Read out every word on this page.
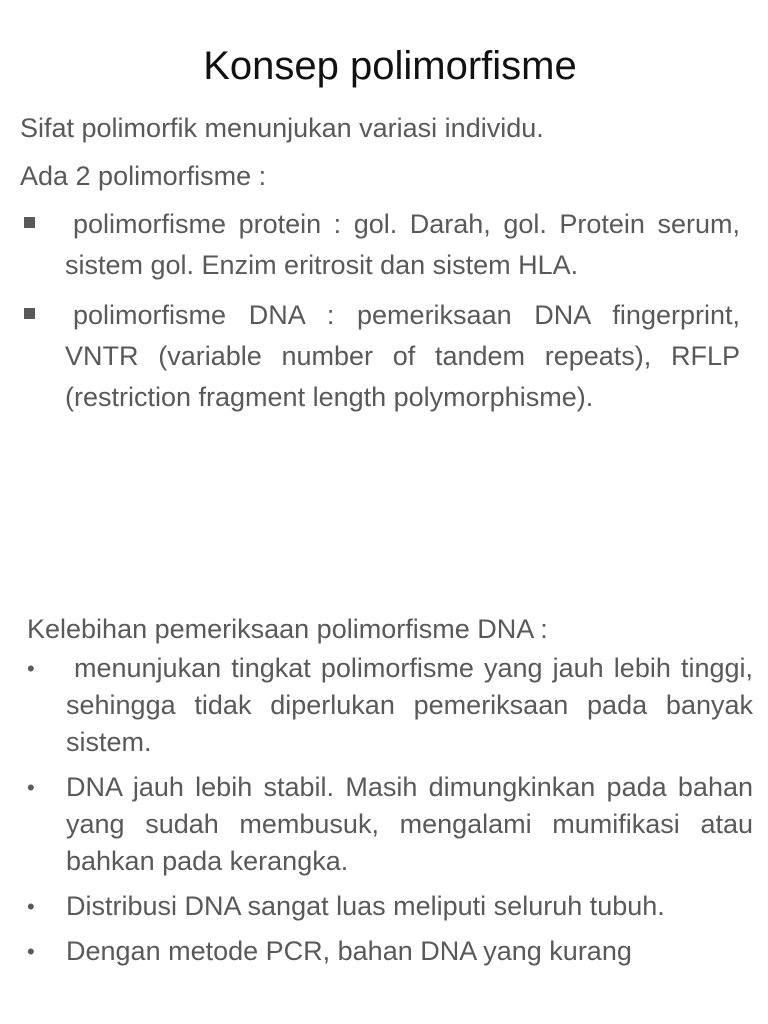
Konsep polimorfisme

Sifat polimorfik menunjukan variasi individu.

Ada 2 polimorfisme :

polimorfisme protein : gol. Darah, gol. Protein serum, sistem gol. Enzim eritrosit dan sistem HLA.
polimorfisme DNA : pemeriksaan DNA fingerprint, VNTR (variable number of tandem repeats), RFLP (restriction fragment length polymorphisme).

Kelebihan pemeriksaan polimorfisme DNA :

• menunjukan tingkat polimorfisme yang jauh lebih tinggi, sehingga tidak diperlukan pemeriksaan pada banyak sistem.
• DNA jauh lebih stabil. Masih dimungkinkan pada bahan yang sudah membusuk, mengalami mumifikasi atau bahkan pada kerangka.
• Distribusi DNA sangat luas meliputi seluruh tubuh.
• Dengan metode PCR, bahan DNA yang kurang
